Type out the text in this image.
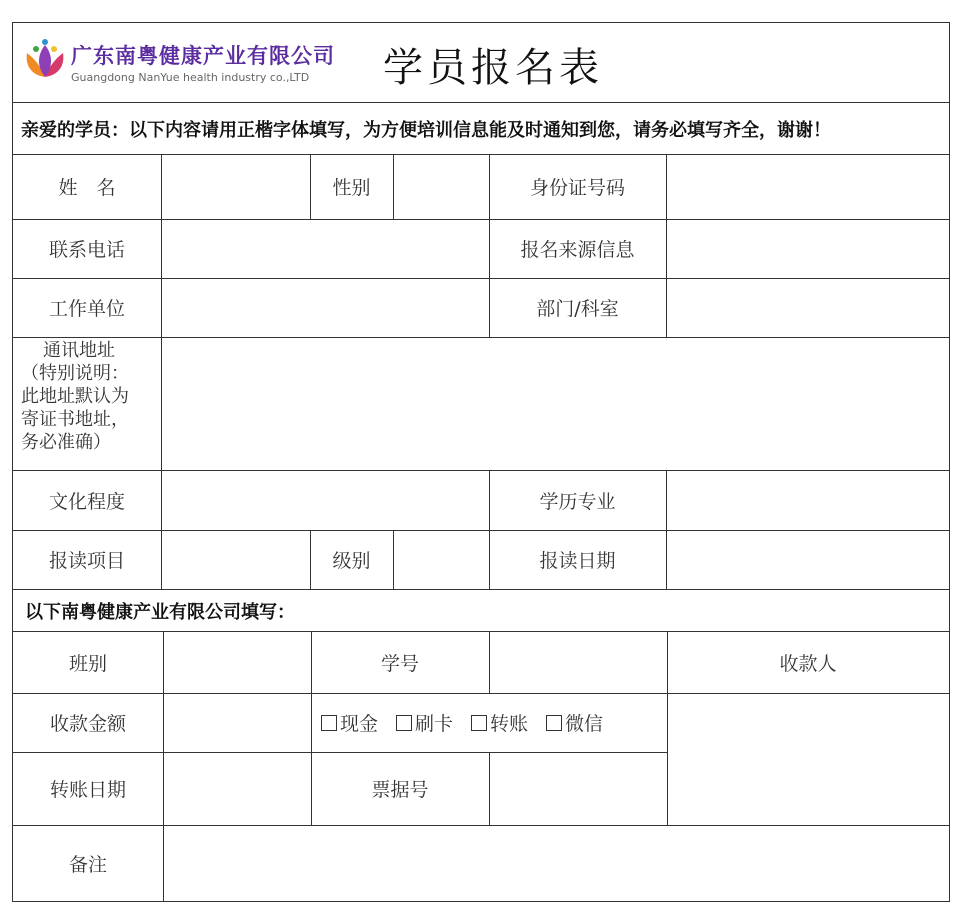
广东南粤健康产业有限公司
Guangdong NanYue health industry co.,LTD	学员报名表
亲爱的学员：以下内容请用正楷字体填写，为方便培训信息能及时通知到您，请务必填写齐全，谢谢！
姓　名	性别	身份证号码
联系电话	报名来源信息
工作单位	部门/科室
通讯地址
（特别说明：
此地址默认为
寄证书地址，
务必准确）
文化程度	学历专业
报读项目	级别	报读日期
以下南粤健康产业有限公司填写：
班别	学号	收款人
收款金额	现金	刷卡	转账	微信
转账日期	票据号
备注
